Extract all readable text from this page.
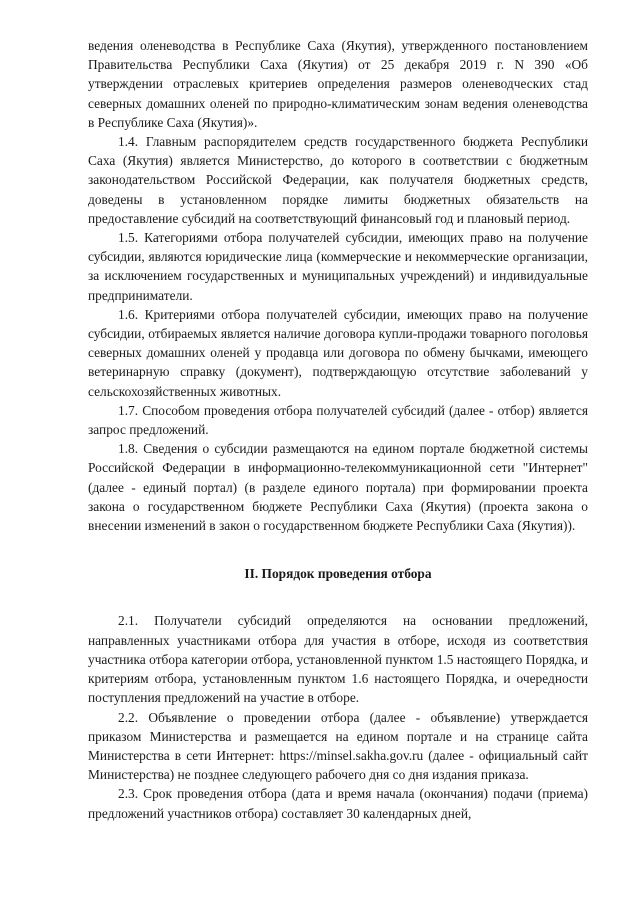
ведения оленеводства в Республике Саха (Якутия), утвержденного постановлением Правительства Республики Саха (Якутия) от 25 декабря 2019 г. N 390 «Об утверждении отраслевых критериев определения размеров оленеводческих стад северных домашних оленей по природно-климатическим зонам ведения оленеводства в Республике Саха (Якутия)».

1.4. Главным распорядителем средств государственного бюджета Республики Саха (Якутия) является Министерство, до которого в соответствии с бюджетным законодательством Российской Федерации, как получателя бюджетных средств, доведены в установленном порядке лимиты бюджетных обязательств на предоставление субсидий на соответствующий финансовый год и плановый период.

1.5. Категориями отбора получателей субсидии, имеющих право на получение субсидии, являются юридические лица (коммерческие и некоммерческие организации, за исключением государственных и муниципальных учреждений) и индивидуальные предприниматели.

1.6. Критериями отбора получателей субсидии, имеющих право на получение субсидии, отбираемых является наличие договора купли-продажи товарного поголовья северных домашних оленей у продавца или договора по обмену бычками, имеющего ветеринарную справку (документ), подтверждающую отсутствие заболеваний у сельскохозяйственных животных.

1.7. Способом проведения отбора получателей субсидий (далее - отбор) является запрос предложений.

1.8. Сведения о субсидии размещаются на едином портале бюджетной системы Российской Федерации в информационно-телекоммуникационной сети "Интернет" (далее - единый портал) (в разделе единого портала) при формировании проекта закона о государственном бюджете Республики Саха (Якутия) (проекта закона о внесении изменений в закон о государственном бюджете Республики Саха (Якутия)).

II. Порядок проведения отбора

2.1. Получатели субсидий определяются на основании предложений, направленных участниками отбора для участия в отборе, исходя из соответствия участника отбора категории отбора, установленной пунктом 1.5 настоящего Порядка, и критериям отбора, установленным пунктом 1.6 настоящего Порядка, и очередности поступления предложений на участие в отборе.

2.2. Объявление о проведении отбора (далее - объявление) утверждается приказом Министерства и размещается на едином портале и на странице сайта Министерства в сети Интернет: https://minsel.sakha.gov.ru (далее - официальный сайт Министерства) не позднее следующего рабочего дня со дня издания приказа.

2.3. Срок проведения отбора (дата и время начала (окончания) подачи (приема) предложений участников отбора) составляет 30 календарных дней,
